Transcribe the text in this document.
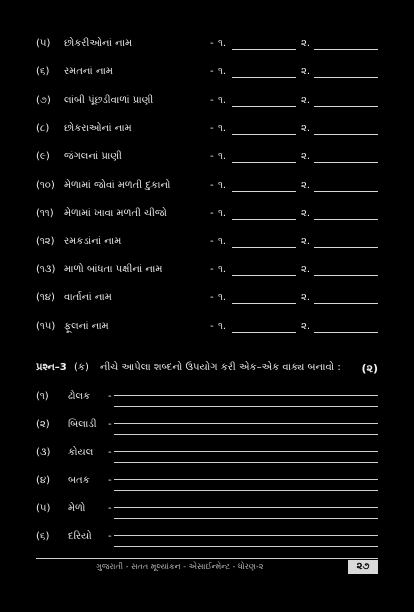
(૫) છોકરીઓનાં નામ	- ૧.	૨.
(૬) રમતનાં નામ	- ૧.	૨.
(૭) લાંબી પૂંછડીવાળાં પ્રાણી	- ૧.	૨.
(૮) છોકરાઓનાં નામ	- ૧.	૨.
(૯) જંગલનાં પ્રાણી	- ૧.	૨.
(૧૦) મેળામાં જોવાં મળતી દુકાનો	- ૧.	૨.
(૧૧) મેળામાં ખાવા મળતી ચીજો	- ૧.	૨.
(૧૨) રમકડાંનાં નામ	- ૧.	૨.
(૧૩) માળો બાંધતા પક્ષીનાં નામ	- ૧.	૨.
(૧૪) વાર્તાનાં નામ	- ૧.	૨.
(૧૫) ફૂલનાં નામ	- ૧.	૨.
પ્રશ્ન–3 (ક) નીચે આપેલા શબ્દનો ઉપયોગ કરી એક–એક વાક્ય બનાવો : (૨)
(૧) ઢોલક -
(૨) બિલાડી -
(૩) કોયલ -
(૪) બતક -
(૫) મેળો -
(૬) દરિયો -
ગુજરાતી - સતત મૂલ્યાંકન - એસાઈન્મેન્ટ - ધોરણ-૨	૨૭
